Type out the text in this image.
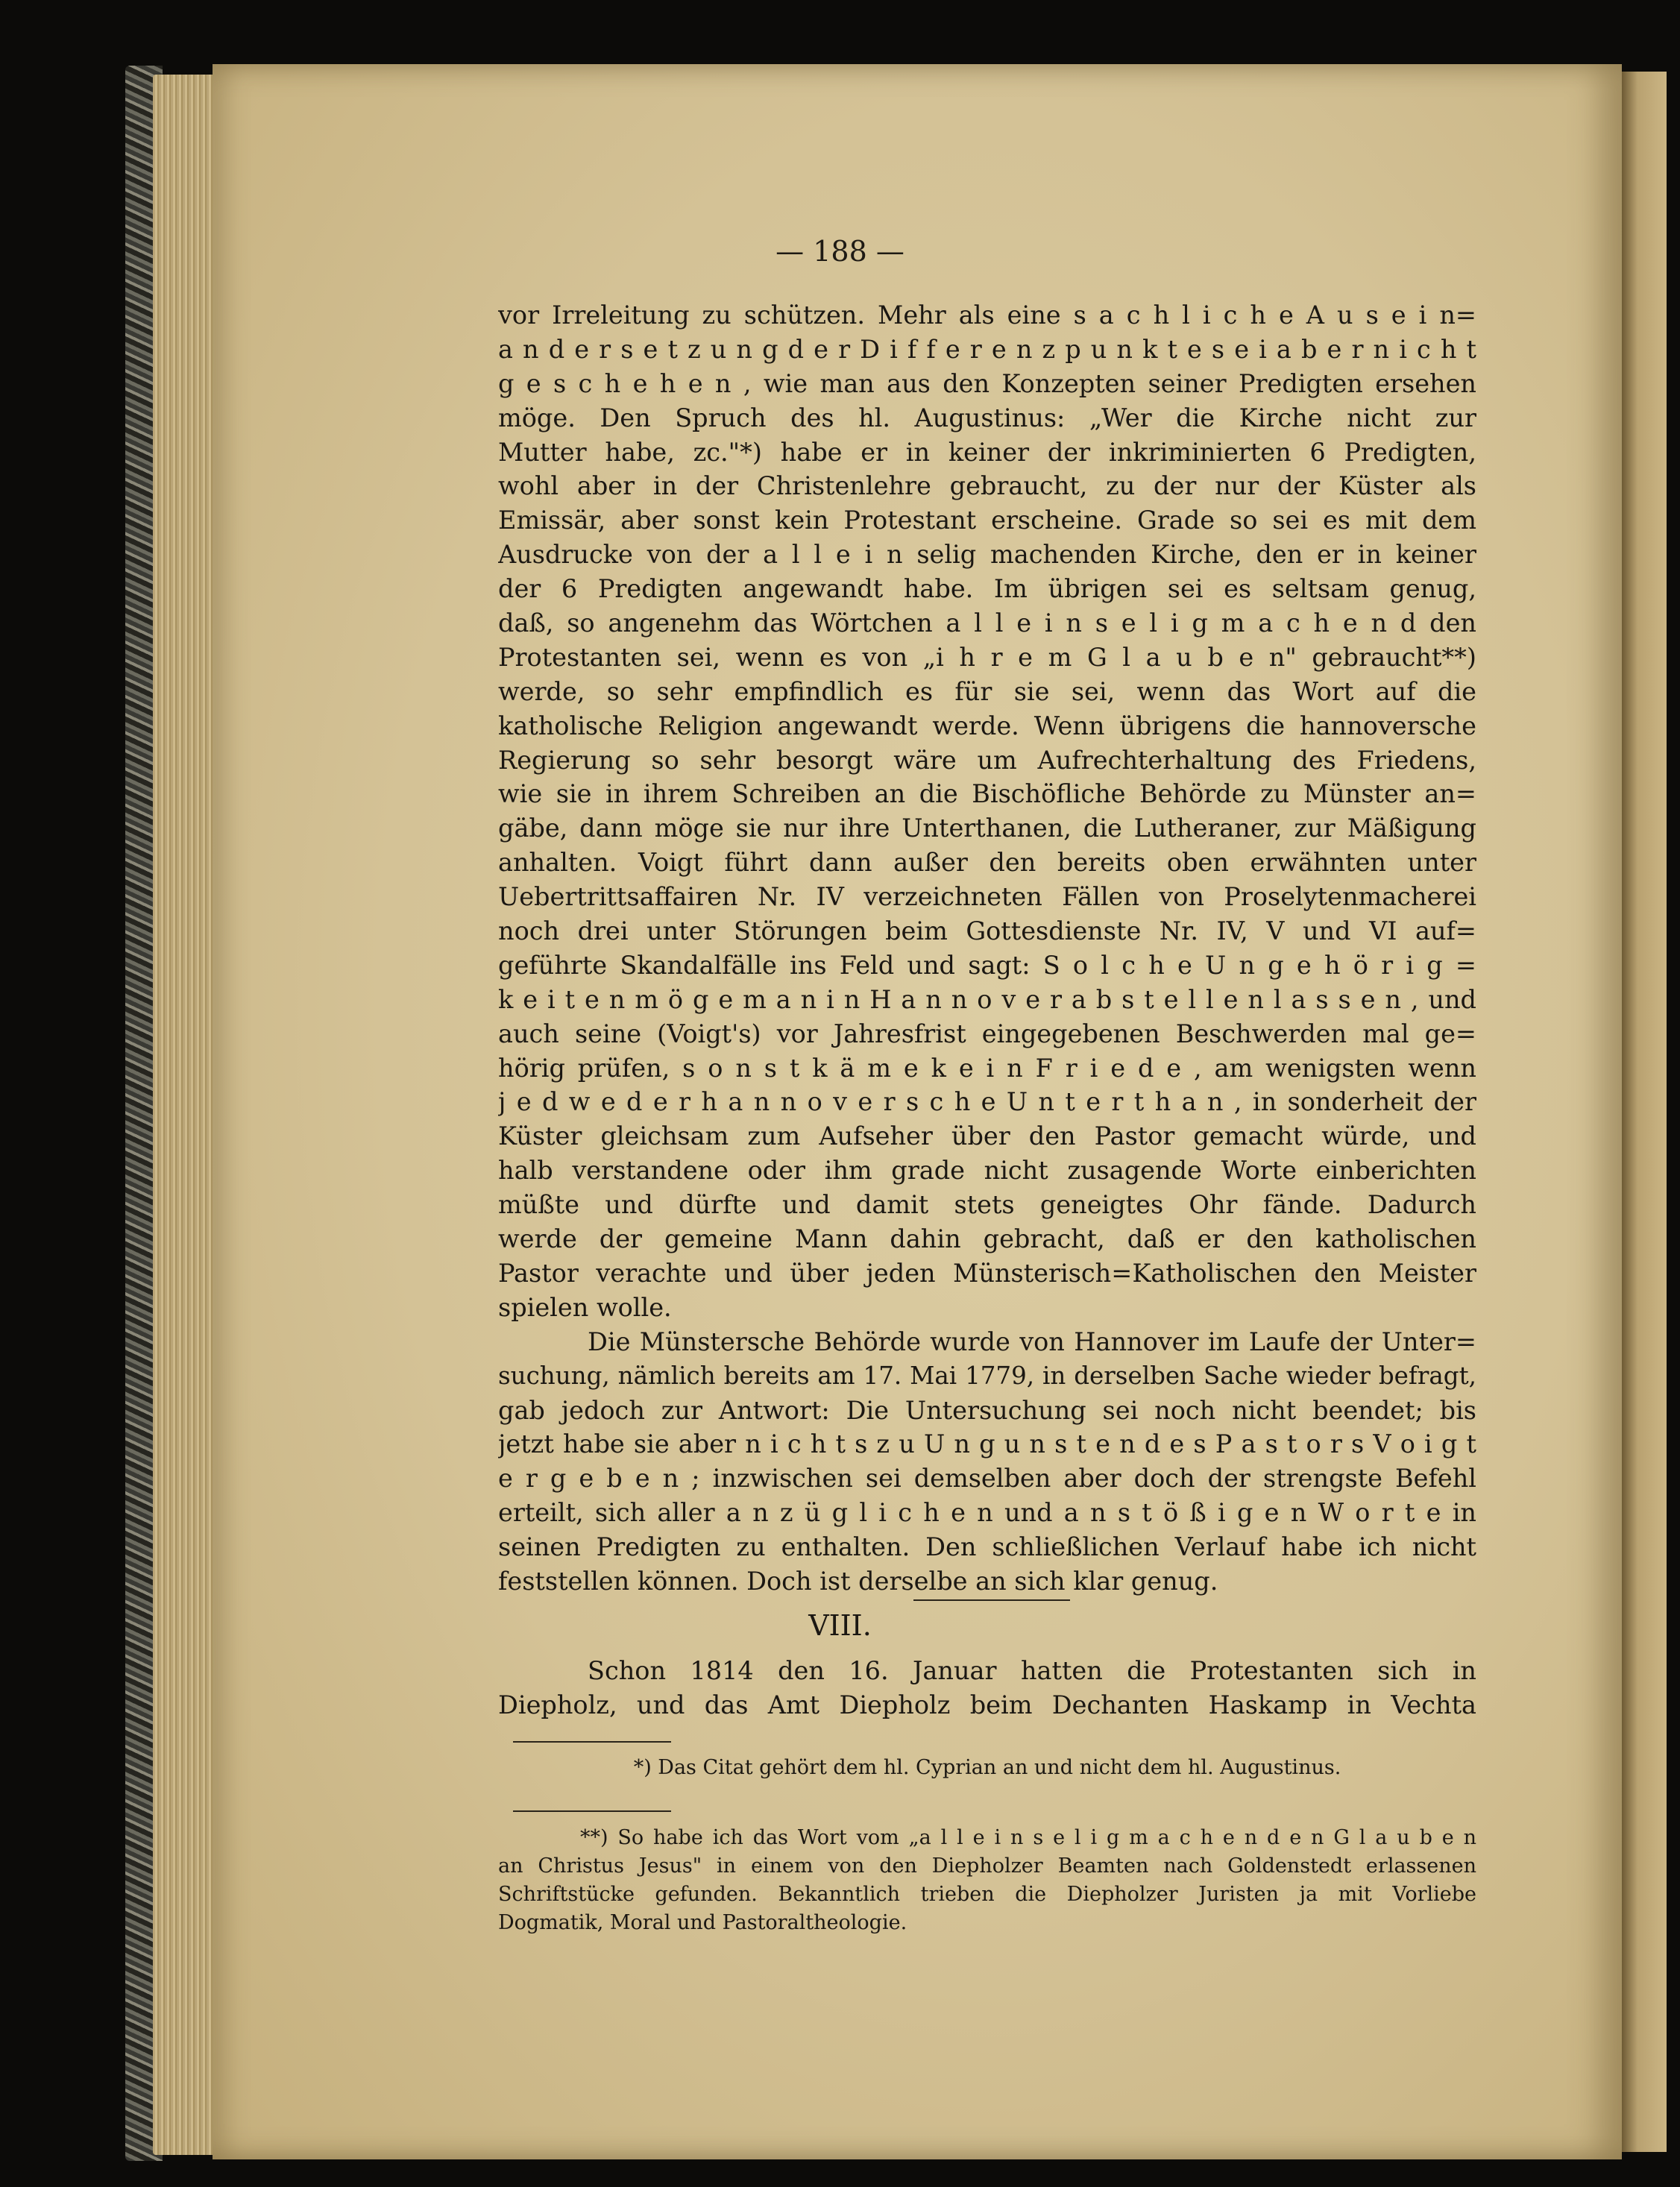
— 188 —
vor Irreleitung zu schützen. Mehr als eine s a c h l i c h e A u s e i n=
a n d e r s e t z u n g d e r D i f f e r e n z p u n k t e s e i a b e r n i c h t
g e s c h e h e n , wie man aus den Konzepten seiner Predigten ersehen
möge. Den Spruch des hl. Augustinus: „Wer die Kirche nicht zur
Mutter habe, zc."*) habe er in keiner der inkriminierten 6 Predigten,
wohl aber in der Christenlehre gebraucht, zu der nur der Küster als
Emissär, aber sonst kein Protestant erscheine. Grade so sei es mit dem
Ausdrucke von der a l l e i n selig machenden Kirche, den er in keiner
der 6 Predigten angewandt habe. Im übrigen sei es seltsam genug,
daß, so angenehm das Wörtchen a l l e i n s e l i g m a c h e n d den
Protestanten sei, wenn es von „i h r e m G l a u b e n" gebraucht**)
werde, so sehr empfindlich es für sie sei, wenn das Wort auf die
katholische Religion angewandt werde. Wenn übrigens die hannoversche
Regierung so sehr besorgt wäre um Aufrechterhaltung des Friedens,
wie sie in ihrem Schreiben an die Bischöfliche Behörde zu Münster an=
gäbe, dann möge sie nur ihre Unterthanen, die Lutheraner, zur Mäßigung
anhalten. Voigt führt dann außer den bereits oben erwähnten unter
Uebertrittsaffairen Nr. IV verzeichneten Fällen von Proselytenmacherei
noch drei unter Störungen beim Gottesdienste Nr. IV, V und VI auf=
geführte Skandalfälle ins Feld und sagt: S o l c h e U n g e h ö r i g =
k e i t e n m ö g e m a n i n H a n n o v e r a b s t e l l e n l a s s e n , und
auch seine (Voigt's) vor Jahresfrist eingegebenen Beschwerden mal ge=
hörig prüfen, s o n s t k ä m e k e i n F r i e d e , am wenigsten wenn
j e d w e d e r h a n n o v e r s c h e U n t e r t h a n , in sonderheit der
Küster gleichsam zum Aufseher über den Pastor gemacht würde, und
halb verstandene oder ihm grade nicht zusagende Worte einberichten
müßte und dürfte und damit stets geneigtes Ohr fände. Dadurch
werde der gemeine Mann dahin gebracht, daß er den katholischen
Pastor verachte und über jeden Münsterisch=Katholischen den Meister
spielen wolle.
Die Münstersche Behörde wurde von Hannover im Laufe der Unter=
suchung, nämlich bereits am 17. Mai 1779, in derselben Sache wieder befragt,
gab jedoch zur Antwort: Die Untersuchung sei noch nicht beendet; bis
jetzt habe sie aber n i c h t s z u U n g u n s t e n d e s P a s t o r s V o i g t
e r g e b e n ; inzwischen sei demselben aber doch der strengste Befehl
erteilt, sich aller a n z ü g l i c h e n und a n s t ö ß i g e n W o r t e in
seinen Predigten zu enthalten. Den schließlichen Verlauf habe ich nicht
feststellen können. Doch ist derselbe an sich klar genug.
VIII.
Schon 1814 den 16. Januar hatten die Protestanten sich in
Diepholz, und das Amt Diepholz beim Dechanten Haskamp in Vechta
*) Das Citat gehört dem hl. Cyprian an und nicht dem hl. Augustinus.
**) So habe ich das Wort vom „a l l e i n s e l i g m a c h e n d e n G l a u b e n
an Christus Jesus" in einem von den Diepholzer Beamten nach Goldenstedt erlassenen
Schriftstücke gefunden. Bekanntlich trieben die Diepholzer Juristen ja mit Vorliebe
Dogmatik, Moral und Pastoraltheologie.
